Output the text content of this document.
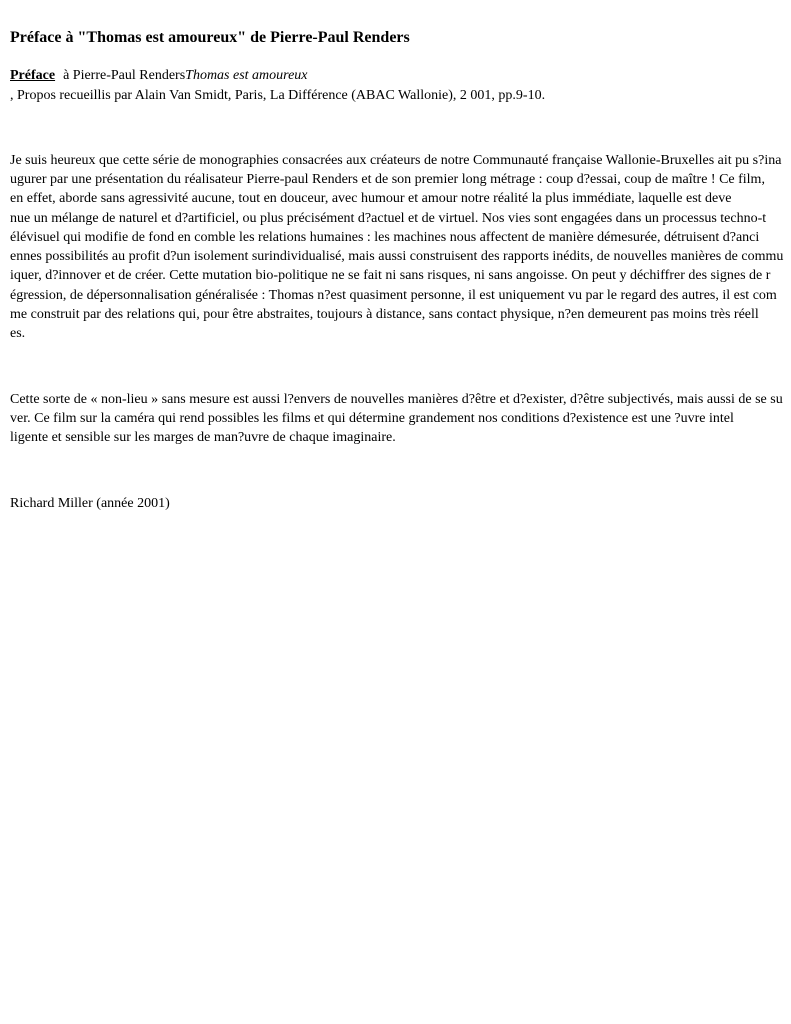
Préface à "Thomas est amoureux" de Pierre-Paul Renders
Préface à Pierre-Paul RendersThomas est amoureux
, Propos recueillis par Alain Van Smidt, Paris, La Différence (ABAC Wallonie), 2 001, pp.9-10.
Je suis heureux que cette série de monographies consacrées aux créateurs de notre Communauté française Wallonie-Bruxelles ait pu s?ina
ugurer par une présentation du réalisateur Pierre-paul Renders et de son premier long métrage : coup d?essai, coup de maître ! Ce film,
en effet, aborde sans agressivité aucune, tout en douceur, avec humour et amour notre réalité la plus immédiate, laquelle est deve
nue un mélange de naturel et d?artificiel, ou plus précisément d?actuel et de virtuel. Nos vies sont engagées dans un processus techno-t
élévisuel qui modifie de fond en comble les relations humaines : les machines nous affectent de manière démesurée, détruisent d?anci
ennes possibilités au profit d?un isolement surindividualisé, mais aussi construisent des rapports inédits, de nouvelles manières de commu
iquer, d?innover et de créer. Cette mutation bio-politique ne se fait ni sans risques, ni sans angoisse. On peut y déchiffrer des signes de r
égression, de dépersonnalisation généralisée : Thomas n?est quasiment personne, il est uniquement vu par le regard des autres, il est com
me construit par des relations qui, pour être abstraites, toujours à distance, sans contact physique, n?en demeurent pas moins très réell
es.
Cette sorte de « non-lieu » sans mesure est aussi l?envers de nouvelles manières d?être et d?exister, d?être subjectivés, mais aussi de se su
ver. Ce film sur la caméra qui rend possibles les films et qui détermine grandement nos conditions d?existence est une ?uvre intel
ligente et sensible sur les marges de man?uvre de chaque imaginaire.
Richard Miller (année 2001)
